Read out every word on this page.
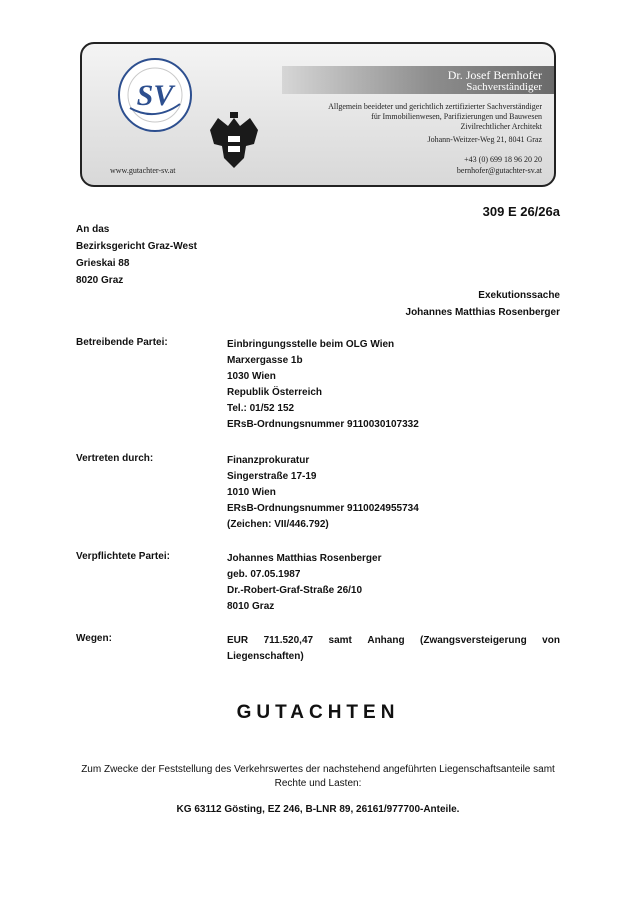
SV
Dr. Josef Bernhofer
Sachverständiger
Allgemein beeideter und gerichtlich zertifizierter Sachverständiger
für Immobilienwesen, Parifizierungen und Bauwesen
Zivilrechtlicher Architekt
Johann-Weitzer-Weg 21, 8041 Graz
+43 (0) 699 18 96 20 20
bernhofer@gutachter-sv.at
www.gutachter-sv.at
309 E 26/26a
An das
Bezirksgericht Graz-West
Grieskai 88
8020 Graz
Exekutionssache
Johannes Matthias Rosenberger
Betreibende Partei:	Einbringungsstelle beim OLG Wien
Marxergasse 1b
1030 Wien
Republik Österreich
Tel.: 01/52 152
ERsB-Ordnungsnummer 9110030107332
Vertreten durch:	Finanzprokuratur
Singerstraße 17-19
1010 Wien
ERsB-Ordnungsnummer 9110024955734
(Zeichen: VII/446.792)
Verpflichtete Partei:	Johannes Matthias Rosenberger
geb. 07.05.1987
Dr.-Robert-Graf-Straße 26/10
8010 Graz
Wegen:	EUR 711.520,47 samt Anhang (Zwangsversteigerung von
Liegenschaften)
GUTACHTEN
Zum Zwecke der Feststellung des Verkehrswertes der nachstehend angeführten Liegenschaftsanteile samt Rechte und Lasten:
KG 63112 Gösting, EZ 246, B-LNR 89, 26161/977700-Anteile.
